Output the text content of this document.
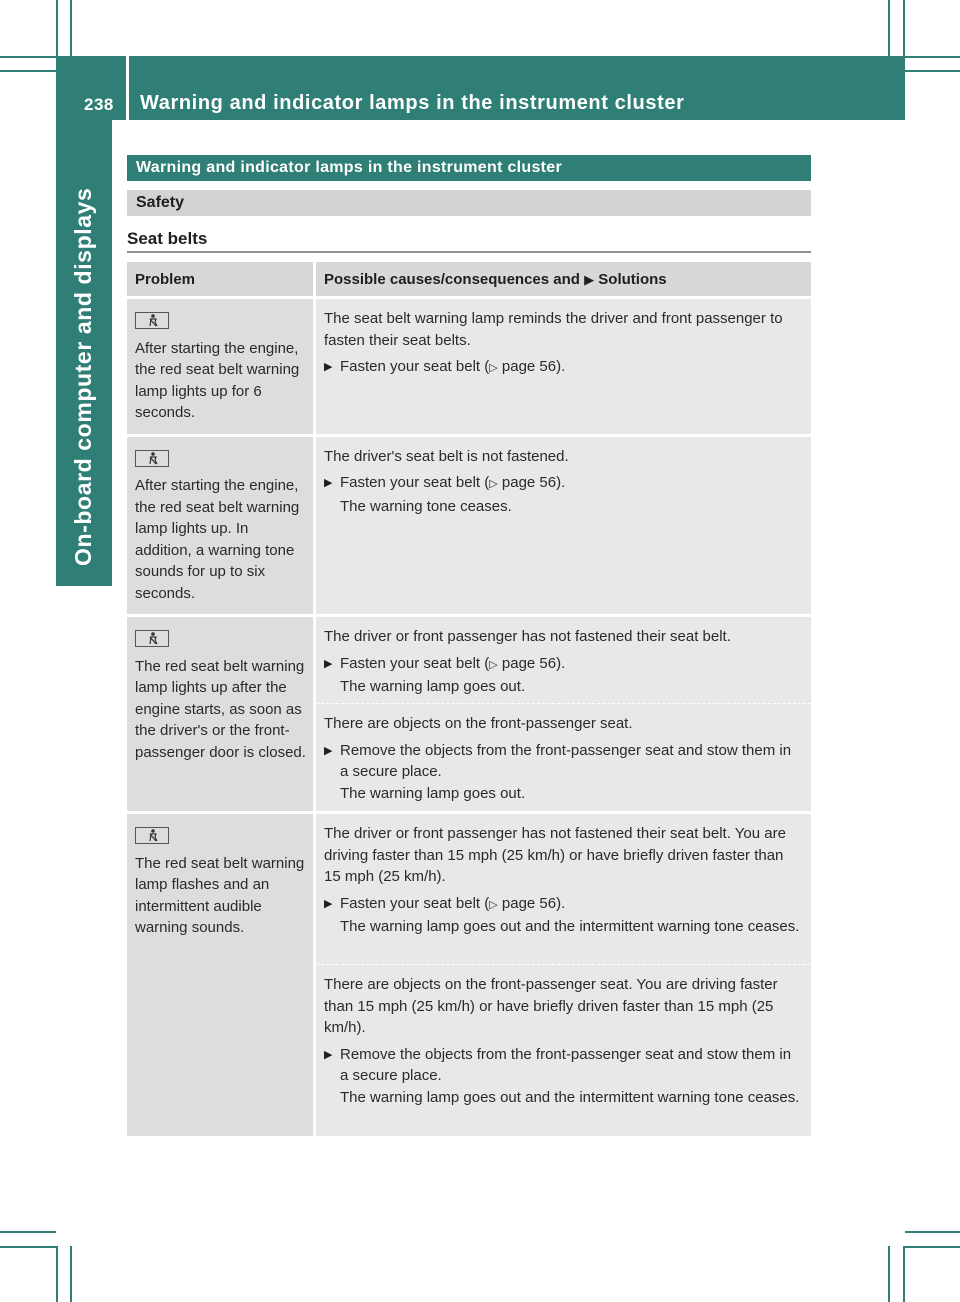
238 Warning and indicator lamps in the instrument cluster
On-board computer and displays
Warning and indicator lamps in the instrument cluster
Safety
Seat belts
Problem	Possible causes/consequences and ▶ Solutions

After starting the engine, the red seat belt warning lamp lights up for 6 seconds.
The seat belt warning lamp reminds the driver and front passenger to fasten their seat belts.
▶ Fasten your seat belt (▷ page 56).

After starting the engine, the red seat belt warning lamp lights up. In addition, a warning tone sounds for up to six seconds.
The driver's seat belt is not fastened.
▶ Fasten your seat belt (▷ page 56).
The warning tone ceases.

The red seat belt warning lamp lights up after the engine starts, as soon as the driver's or the front-passenger door is closed.
The driver or front passenger has not fastened their seat belt.
▶ Fasten your seat belt (▷ page 56).
The warning lamp goes out.
There are objects on the front-passenger seat.
▶ Remove the objects from the front-passenger seat and stow them in a secure place.
The warning lamp goes out.

The red seat belt warning lamp flashes and an intermittent audible warning sounds.
The driver or front passenger has not fastened their seat belt. You are driving faster than 15 mph (25 km/h) or have briefly driven faster than 15 mph (25 km/h).
▶ Fasten your seat belt (▷ page 56).
The warning lamp goes out and the intermittent warning tone ceases.
There are objects on the front-passenger seat. You are driving faster than 15 mph (25 km/h) or have briefly driven faster than 15 mph (25 km/h).
▶ Remove the objects from the front-passenger seat and stow them in a secure place.
The warning lamp goes out and the intermittent warning tone ceases.
